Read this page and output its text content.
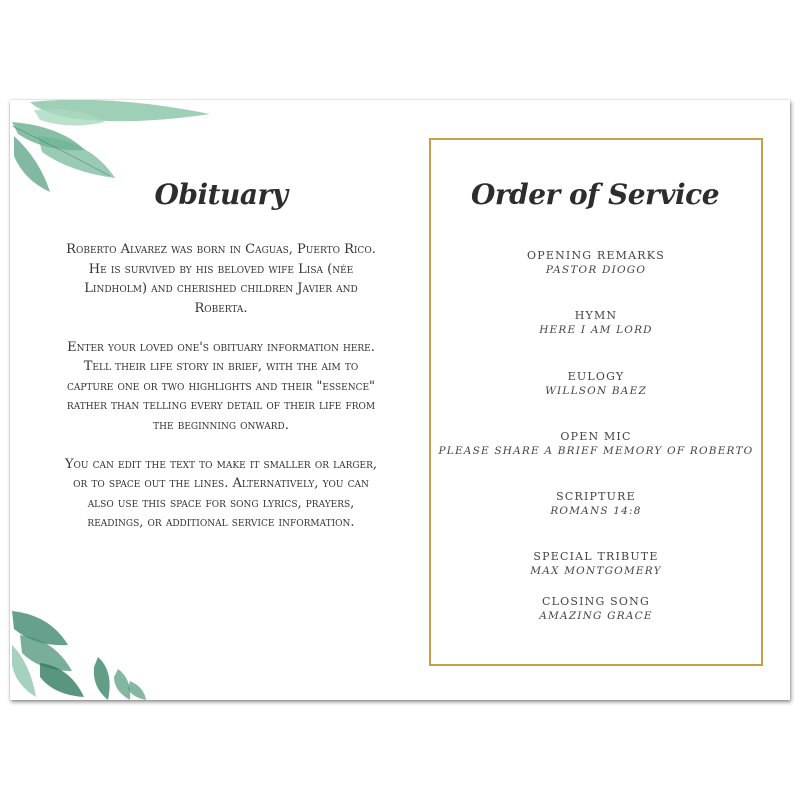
Obituary

Roberto Alvarez was born in Caguas, Puerto Rico. He is survived by his beloved wife Lisa (née Lindholm) and cherished children Javier and Roberta.

Enter your loved one's obituary information here. Tell their life story in brief, with the aim to capture one or two highlights and their "essence" rather than telling every detail of their life from the beginning onward.

You can edit the text to make it smaller or larger, or to space out the lines. Alternatively, you can also use this space for song lyrics, prayers, readings, or additional service information.

Order of Service
OPENING REMARKS
PASTOR DIOGO
HYMN
HERE I AM LORD
EULOGY
WILLSON BAEZ
OPEN MIC
PLEASE SHARE A BRIEF MEMORY OF ROBERTO
SCRIPTURE
ROMANS 14:8
SPECIAL TRIBUTE
MAX MONTGOMERY
CLOSING SONG
AMAZING GRACE
